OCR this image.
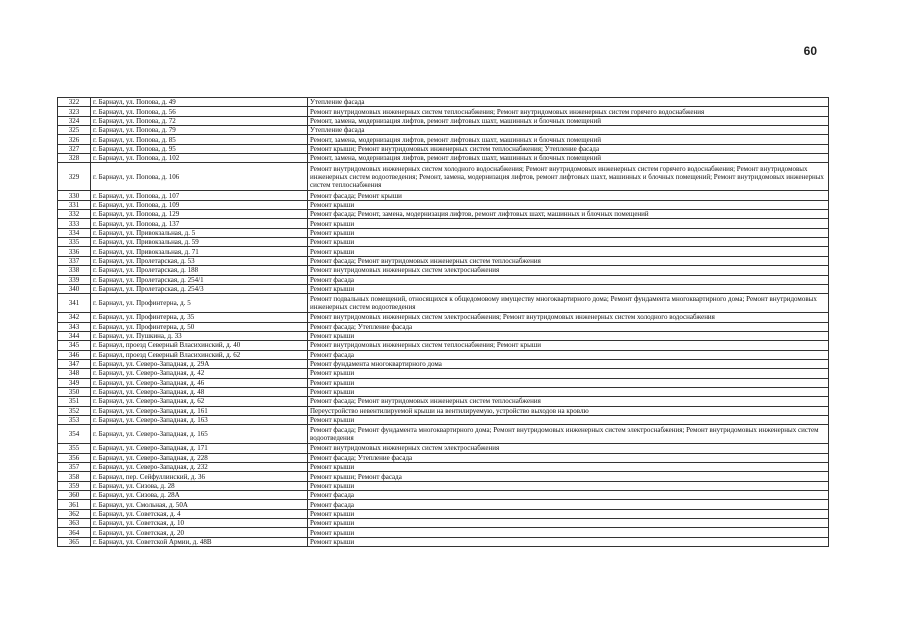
60
322	г. Барнаул, ул. Попова, д. 49	Утепление фасада
323	г. Барнаул, ул. Попова, д. 56	Ремонт внутридомовых инженерных систем теплоснабжения; Ремонт внутридомовых инженерных систем горячего водоснабжения
324	г. Барнаул, ул. Попова, д. 72	Ремонт, замена, модернизация лифтов, ремонт лифтовых шахт, машинных и блочных помещений
325	г. Барнаул, ул. Попова, д. 79	Утепление фасада
326	г. Барнаул, ул. Попова, д. 85	Ремонт, замена, модернизация лифтов, ремонт лифтовых шахт, машинных и блочных помещений
327	г. Барнаул, ул. Попова, д. 95	Ремонт крыши; Ремонт внутридомовых инженерных систем теплоснабжения; Утепление фасада
328	г. Барнаул, ул. Попова, д. 102	Ремонт, замена, модернизация лифтов, ремонт лифтовых шахт, машинных и блочных помещений
329	г. Барнаул, ул. Попова, д. 106	Ремонт внутридомовых инженерных систем холодного водоснабжения; Ремонт внутридомовых инженерных систем горячего водоснабжения; Ремонт внутридомовых инженерных систем водоотведения; Ремонт, замена, модернизация лифтов, ремонт лифтовых шахт, машинных и блочных помещений; Ремонт внутридомовых инженерных систем теплоснабжения
330	г. Барнаул, ул. Попова, д. 107	Ремонт фасада; Ремонт крыши
331	г. Барнаул, ул. Попова, д. 109	Ремонт крыши
332	г. Барнаул, ул. Попова, д. 129	Ремонт фасада; Ремонт, замена, модернизация лифтов, ремонт лифтовых шахт, машинных и блочных помещений
333	г. Барнаул, ул. Попова, д. 137	Ремонт крыши
334	г. Барнаул, ул. Привокзальная, д. 5	Ремонт крыши
335	г. Барнаул, ул. Привокзальная, д. 59	Ремонт крыши
336	г. Барнаул, ул. Привокзальная, д. 71	Ремонт крыши
337	г. Барнаул, ул. Пролетарская, д. 53	Ремонт фасада; Ремонт внутридомовых инженерных систем теплоснабжения
338	г. Барнаул, ул. Пролетарская, д. 188	Ремонт внутридомовых инженерных систем электроснабжения
339	г. Барнаул, ул. Пролетарская, д. 254/1	Ремонт фасада
340	г. Барнаул, ул. Пролетарская, д. 254/3	Ремонт крыши
341	г. Барнаул, ул. Профинтерна, д. 5	Ремонт подвальных помещений, относящихся к общедомовому имуществу многоквартирного дома; Ремонт фундамента многоквартирного дома; Ремонт внутридомовых инженерных систем водоотведения
342	г. Барнаул, ул. Профинтерна, д. 35	Ремонт внутридомовых инженерных систем электроснабжения; Ремонт внутридомовых инженерных систем холодного водоснабжения
343	г. Барнаул, ул. Профинтерна, д. 50	Ремонт фасада; Утепление фасада
344	г. Барнаул, ул. Пушкина, д. 33	Ремонт крыши
345	г. Барнаул, проезд Северный Власихинский, д. 40	Ремонт внутридомовых инженерных систем теплоснабжения; Ремонт крыши
346	г. Барнаул, проезд Северный Власихинский, д. 62	Ремонт фасада
347	г. Барнаул, ул. Северо-Западная, д. 29А	Ремонт фундамента многоквартирного дома
348	г. Барнаул, ул. Северо-Западная, д. 42	Ремонт крыши
349	г. Барнаул, ул. Северо-Западная, д. 46	Ремонт крыши
350	г. Барнаул, ул. Северо-Западная, д. 48	Ремонт крыши
351	г. Барнаул, ул. Северо-Западная, д. 62	Ремонт фасада; Ремонт внутридомовых инженерных систем теплоснабжения
352	г. Барнаул, ул. Северо-Западная, д. 161	Переустройство невентилируемой крыши на вентилируемую, устройство выходов на кровлю
353	г. Барнаул, ул. Северо-Западная, д. 163	Ремонт крыши
354	г. Барнаул, ул. Северо-Западная, д. 165	Ремонт фасада; Ремонт фундамента многоквартирного дома; Ремонт внутридомовых инженерных систем электроснабжения; Ремонт внутридомовых инженерных систем водоотведения
355	г. Барнаул, ул. Северо-Западная, д. 171	Ремонт внутридомовых инженерных систем электроснабжения
356	г. Барнаул, ул. Северо-Западная, д. 228	Ремонт фасада; Утепление фасада
357	г. Барнаул, ул. Северо-Западная, д. 232	Ремонт крыши
358	г. Барнаул, пер. Сейфуллинский, д. 36	Ремонт крыши; Ремонт фасада
359	г. Барнаул, ул. Сизова, д. 28	Ремонт крыши
360	г. Барнаул, ул. Сизова, д. 28А	Ремонт фасада
361	г. Барнаул, ул. Смольная, д. 50А	Ремонт фасада
362	г. Барнаул, ул. Советская, д. 4	Ремонт крыши
363	г. Барнаул, ул. Советская, д. 10	Ремонт крыши
364	г. Барнаул, ул. Советская, д. 20	Ремонт крыши
365	г. Барнаул, ул. Советской Армии, д. 48В	Ремонт крыши
